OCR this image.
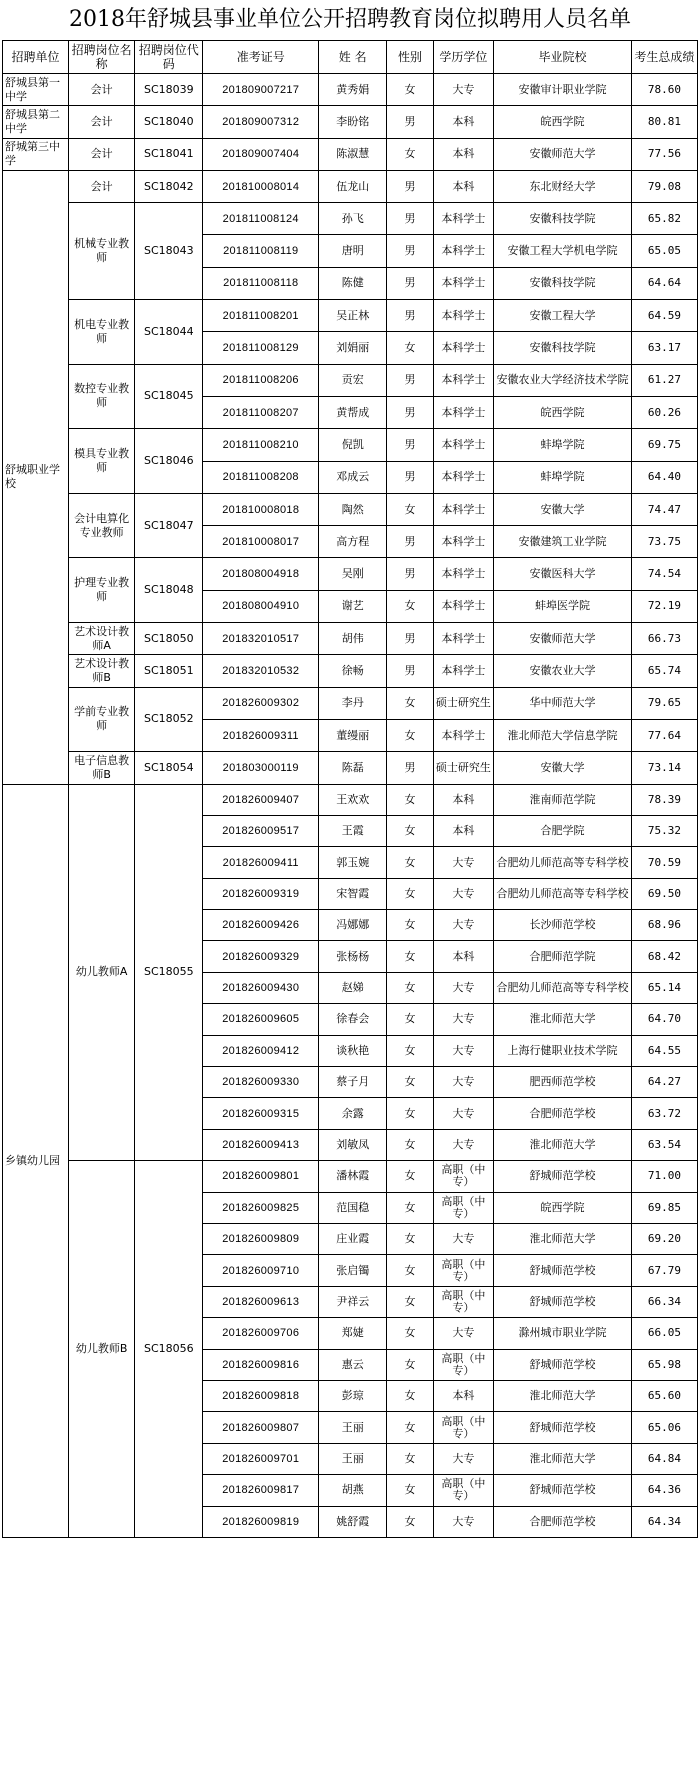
2018年舒城县事业单位公开招聘教育岗位拟聘用人员名单
招聘单位	招聘岗位名称	招聘岗位代码	准考证号	姓 名	性别	学历学位	毕业院校	考生总成绩
舒城县第一中学	会计	SC18039	201809007217	黄秀娟	女	大专	安徽审计职业学院	78.60
舒城县第二中学	会计	SC18040	201809007312	李盼铭	男	本科	皖西学院	80.81
舒城第三中学	会计	SC18041	201809007404	陈淑慧	女	本科	安徽师范大学	77.56
舒城职业学校	会计	SC18042	201810008014	伍龙山	男	本科	东北财经大学	79.08
	机械专业教师	SC18043	201811008124	孙飞	男	本科学士	安徽科技学院	65.82
			201811008119	唐明	男	本科学士	安徽工程大学机电学院	65.05
			201811008118	陈健	男	本科学士	安徽科技学院	64.64
	机电专业教师	SC18044	201811008201	吴正林	男	本科学士	安徽工程大学	64.59
			201811008129	刘娟丽	女	本科学士	安徽科技学院	63.17
	数控专业教师	SC18045	201811008206	贡宏	男	本科学士	安徽农业大学经济技术学院	61.27
			201811008207	黄帮成	男	本科学士	皖西学院	60.26
	模具专业教师	SC18046	201811008210	倪凯	男	本科学士	蚌埠学院	69.75
			201811008208	邓成云	男	本科学士	蚌埠学院	64.40
	会计电算化专业教师	SC18047	201810008018	陶然	女	本科学士	安徽大学	74.47
			201810008017	高方程	男	本科学士	安徽建筑工业学院	73.75
	护理专业教师	SC18048	201808004918	吴刚	男	本科学士	安徽医科大学	74.54
			201808004910	谢艺	女	本科学士	蚌埠医学院	72.19
	艺术设计教师A	SC18050	201832010517	胡伟	男	本科学士	安徽师范大学	66.73
	艺术设计教师B	SC18051	201832010532	徐畅	男	本科学士	安徽农业大学	65.74
	学前专业教师	SC18052	201826009302	李丹	女	硕士研究生	华中师范大学	79.65
			201826009311	董缦丽	女	本科学士	淮北师范大学信息学院	77.64
	电子信息教师B	SC18054	201803000119	陈磊	男	硕士研究生	安徽大学	73.14
乡镇幼儿园	幼儿教师A	SC18055	201826009407	王欢欢	女	本科	淮南师范学院	78.39
			201826009517	王霞	女	本科	合肥学院	75.32
			201826009411	郭玉婉	女	大专	合肥幼儿师范高等专科学校	70.59
			201826009319	宋智霞	女	大专	合肥幼儿师范高等专科学校	69.50
			201826009426	冯娜娜	女	大专	长沙师范学校	68.96
			201826009329	张杨杨	女	本科	合肥师范学院	68.42
			201826009430	赵娣	女	大专	合肥幼儿师范高等专科学校	65.14
			201826009605	徐春会	女	大专	淮北师范大学	64.70
			201826009412	谈秋艳	女	大专	上海行健职业技术学院	64.55
			201826009330	蔡子月	女	大专	肥西师范学校	64.27
			201826009315	余露	女	大专	合肥师范学校	63.72
			201826009413	刘敏凤	女	大专	淮北师范大学	63.54
	幼儿教师B	SC18056	201826009801	潘林霞	女	高职（中专）	舒城师范学校	71.00
			201826009825	范国稳	女	高职（中专）	皖西学院	69.85
			201826009809	庄业霞	女	大专	淮北师范大学	69.20
			201826009710	张启镯	女	高职（中专）	舒城师范学校	67.79
			201826009613	尹祥云	女	高职（中专）	舒城师范学校	66.34
			201826009706	郑婕	女	大专	滁州城市职业学院	66.05
			201826009816	惠云	女	高职（中专）	舒城师范学校	65.98
			201826009818	彭琼	女	本科	淮北师范大学	65.60
			201826009807	王丽	女	高职（中专）	舒城师范学校	65.06
			201826009701	王丽	女	大专	淮北师范大学	64.84
			201826009817	胡燕	女	高职（中专）	舒城师范学校	64.36
			201826009819	姚舒霞	女	大专	合肥师范学校	64.34
